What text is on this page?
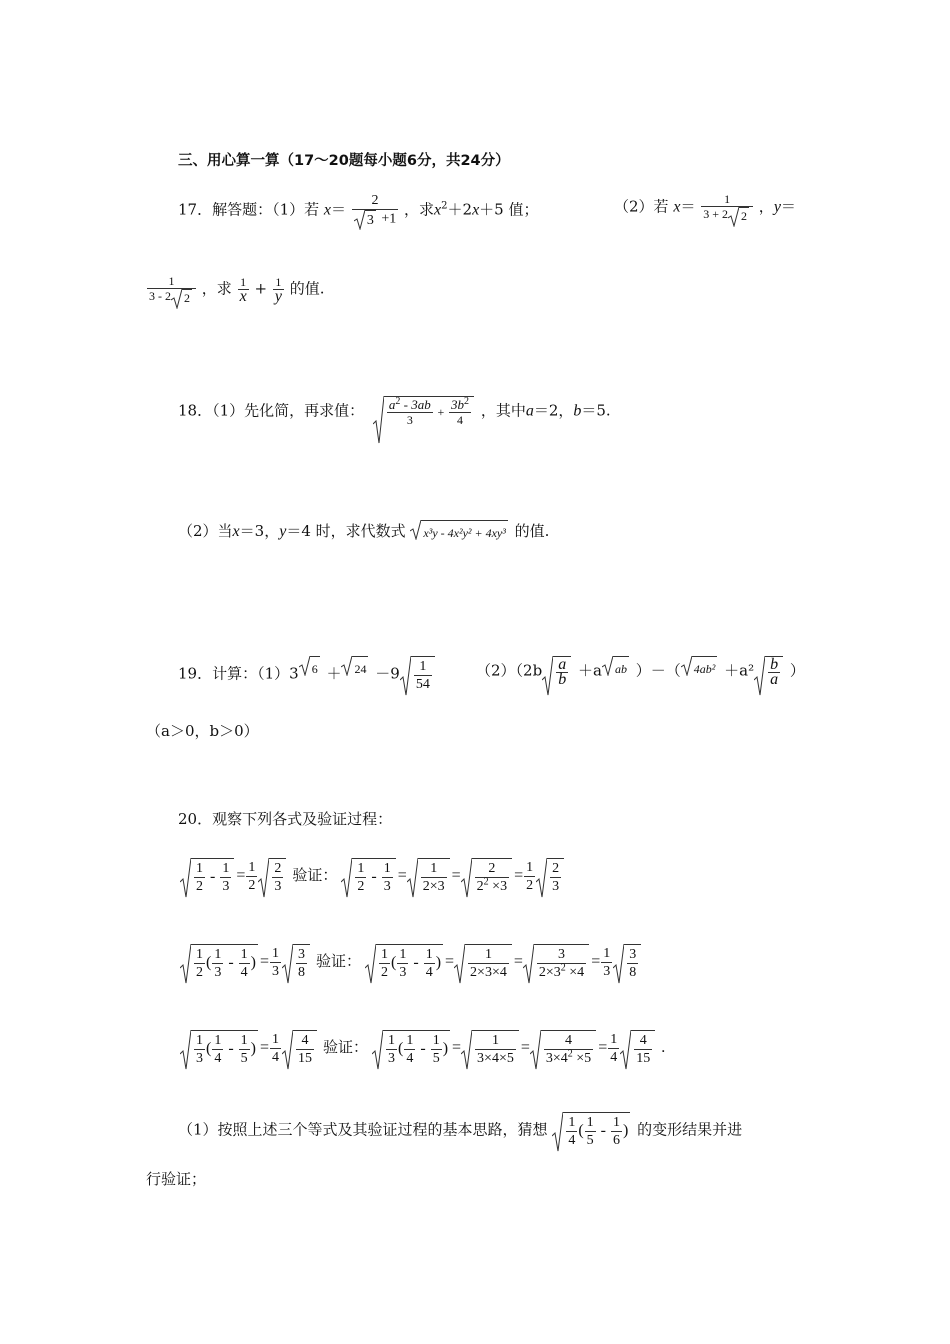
三、用心算一算（17～20题每小题6分，共24分）
17．解答题：（1）若 $x= \frac{2}{3 +1}$ ，求$x^2+2x+5$ 值；	（2）若 $x= \frac{1}{3 + 2 2}$ ，y＝
$\frac{1}{3 - 2 2}$ ，求 $\frac{1}{x} + \frac{1}{y}$ 的值.
18．（1）先化简，再求值： $\frac{a^2 - 3ab}{3} + \frac{3b^2}{4}$ ，其中a＝2，b＝5.
（2）当x＝3，y＝4 时，求代数式 x³y - 4x²y² + 4xy³ 的值.
19．计算：（1）3 $6 + 24 -9 \frac{1}{54}$	$(2)(2b \frac{a}{b} +a$ ab ）－（ $4ab^2 +a^2 \frac{b}{a}$ ）
（a＞0，b＞0）
20．观察下列各式及验证过程：
$\frac{1}{2} - \frac{1}{3} = \frac{1}{2} \frac{2}{3}$ 验证： $\frac{1}{2} - \frac{1}{3} = \frac{1}{2\times 3} = \frac{2}{2^2 \times 3} = \frac{1}{2} \frac{2}{3}$
$\frac{1}{2}$ ( $\frac{1}{3} - \frac{1}{4}$ ) = $\frac{1}{3} \frac{3}{8}$ 验证： $\frac{1}{2}$ ( $\frac{1}{3} - \frac{1}{4}$ ) = $\frac{1}{2\times 3\times 4} = \frac{3}{2\times 3^2 \times 4} = \frac{1}{3} \frac{3}{8}$
$\frac{1}{3}$ ( $\frac{1}{4} - \frac{1}{5}$ ) = $\frac{1}{4} \frac{4}{15}$ 验证： $\frac{1}{3}$ ( $\frac{1}{4} - \frac{1}{5}$ ) = $\frac{1}{3\times 4\times 5} = \frac{4}{3\times 4^2 \times 5} = \frac{1}{4} \frac{4}{15}$ .
（1）按照上述三个等式及其验证过程的基本思路，猜想 $\frac{1}{4}$ ( $\frac{1}{5} - \frac{1}{6}$ ) 的变形结果并进
行验证；
